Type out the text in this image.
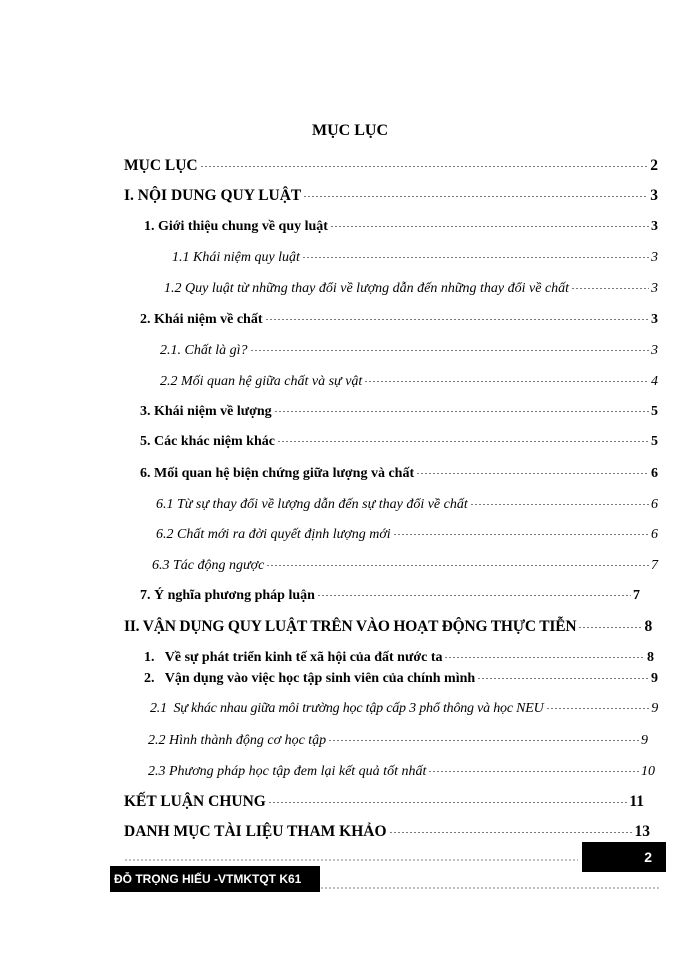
MỤC LỤC
MỤC LỤC	2
I. NỘI DUNG QUY LUẬT	3
1. Giới thiệu chung về quy luật	3
1.1 Khái niệm quy luật	3
1.2 Quy luật từ những thay đổi về lượng dẫn đến những thay đổi về chất	3
2. Khái niệm về chất	3
2.1. Chất là gì?	3
2.2 Mối quan hệ giữa chất và sự vật	4
3. Khái niệm về lượng	5
5. Các khác niệm khác	5
6. Mối quan hệ biện chứng giữa lượng và chất	6
6.1 Từ sự thay đổi về lượng dẫn đến sự thay đổi về chất	6
6.2 Chất mới ra đời quyết định lượng mới	6
6.3 Tác động ngược	7
7. Ý nghĩa phương pháp luận	7
II. VẬN DỤNG QUY LUẬT TRÊN VÀO HOẠT ĐỘNG THỰC TIỄN	8
1.   Về sự phát triển kinh tế xã hội của đất nước ta	8
2.   Vận dụng vào việc học tập sinh viên của chính mình	9
2.1  Sự khác nhau giữa môi trường học tập cấp 3 phổ thông và học NEU	9
2.2 Hình thành động cơ học tập	9
2.3 Phương pháp học tập đem lại kết quả tốt nhất	10
KẾT LUẬN CHUNG	11
DANH MỤC TÀI LIỆU THAM KHẢO	13
2
ĐỖ TRỌNG HIẾU -VTMKTQT K61
